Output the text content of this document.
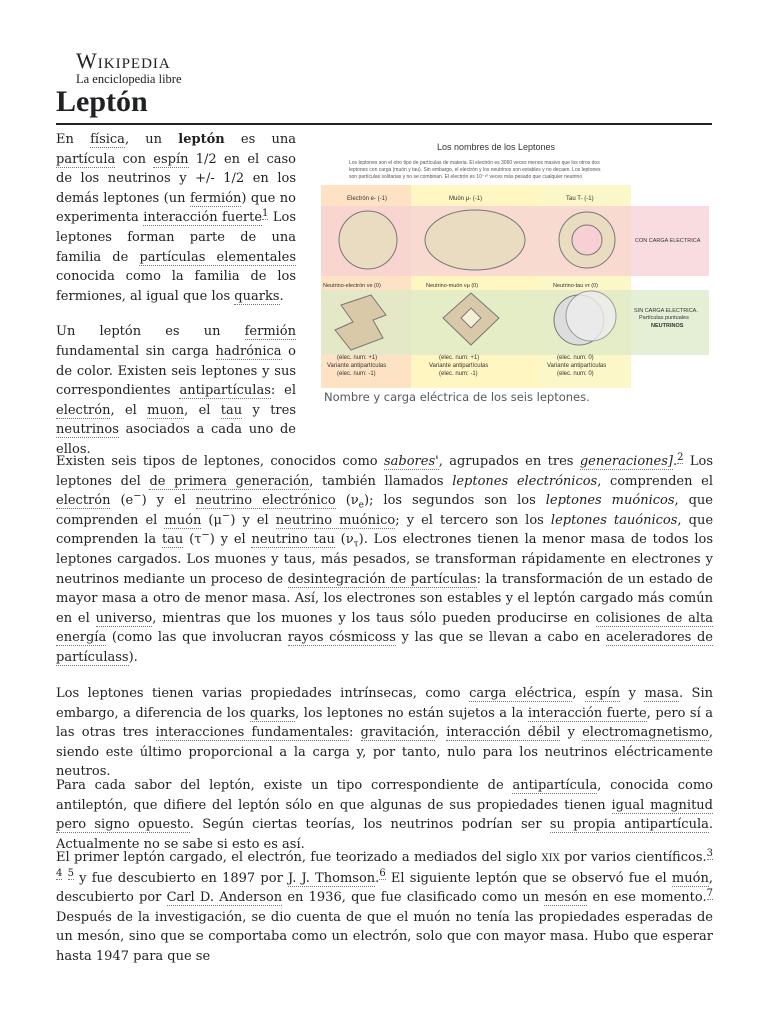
Wikipedia
La enciclopedia libre
Leptón

En física, un leptón es una partícula con espín 1/2 en el caso de los neutrinos y +/- 1/2 en los demás leptones (un fermión) que no experimenta interacción fuerte$^1$ Los leptones forman parte de una familia de partículas elementales conocida como la familia de los fermiones, al igual que los quarks.

Un leptón es un fermión fundamental sin carga hadrónica o de color. Existen seis leptones y sus correspondientes antipartículas: el electrón, el muon, el tau y tres neutrinos asociados a cada uno de ellos.

Los nombres de los Leptones
Los leptones son el otro tipo de partículas de materia. El electrón es 3060 veces menos masivo que los otros dos
leptones con carga (muón y tau). Sin embargo, el electrón y los neutrinos son estables y no decaen. Los leptones
son partículas solitarias y no se combinan. El electrón es 10⁻¹⁰ veces más pesado que cualquier neutrino
Electrón e- (-1)	Muón μ- (-1)	Tau T- (-1)
CON CARGA ELECTRICA
Neutrino-electrón νe (0)	Neutrino-muón νμ (0)	Neutrino-tau ντ (0)
SIN CARGA ELECTRICA.
Partículas puntuales
NEUTRINOS
(elec. num: +1)
Variante antipartículas
(elec. num: -1)
(elec. num: +1)
Variante antipartículas
(elec. num: -1)
(elec. num: 0)
Variante antipartículas
(elec. num: 0)
Nombre y carga eléctrica de los seis leptones.

Existen seis tipos de leptones, conocidos como sabores', agrupados en tres generaciones].$^2$ Los leptones del de primera generación, también llamados leptones electrónicos, comprenden el electrón (e−) y el neutrino electrónico $(\nu_e)$; los segundos son los leptones muónicos, que comprenden el muón (μ−) y el neutrino muónico; y el tercero son los leptones tauónicos, que comprenden la tau (τ−) y el neutrino tau $(\nu_\tau)$. Los electrones tienen la menor masa de todos los leptones cargados. Los muones y taus, más pesados, se transforman rápidamente en electrones y neutrinos mediante un proceso de desintegración de partículas: la transformación de un estado de mayor masa a otro de menor masa. Así, los electrones son estables y el leptón cargado más común en el universo, mientras que los muones y los taus sólo pueden producirse en colisiones de alta energía (como las que involucran rayos cósmicoss y las que se llevan a cabo en aceleradores de partículass).

Los leptones tienen varias propiedades intrínsecas, como carga eléctrica, espín y masa. Sin embargo, a diferencia de los quarks, los leptones no están sujetos a la interacción fuerte, pero sí a las otras tres interacciones fundamentales: gravitación, interacción débil y electromagnetismo, siendo este último proporcional a la carga y, por tanto, nulo para los neutrinos eléctricamente neutros.

Para cada sabor del leptón, existe un tipo correspondiente de antipartícula, conocida como antileptón, que difiere del leptón sólo en que algunas de sus propiedades tienen igual magnitud pero signo opuesto. Según ciertas teorías, los neutrinos podrían ser su propia antipartícula. Actualmente no se sabe si esto es así.

El primer leptón cargado, el electrón, fue teorizado a mediados del siglo XIX por varios científicos.$^3$ $^4$ $^5$ y fue descubierto en 1897 por J. J. Thomson.$^6$ El siguiente leptón que se observó fue el muón, descubierto por Carl D. Anderson en 1936, que fue clasificado como un mesón en ese momento.$^7$ Después de la investigación, se dio cuenta de que el muón no tenía las propiedades esperadas de un mesón, sino que se comportaba como un electrón, solo que con mayor masa. Hubo que esperar hasta 1947 para que se
